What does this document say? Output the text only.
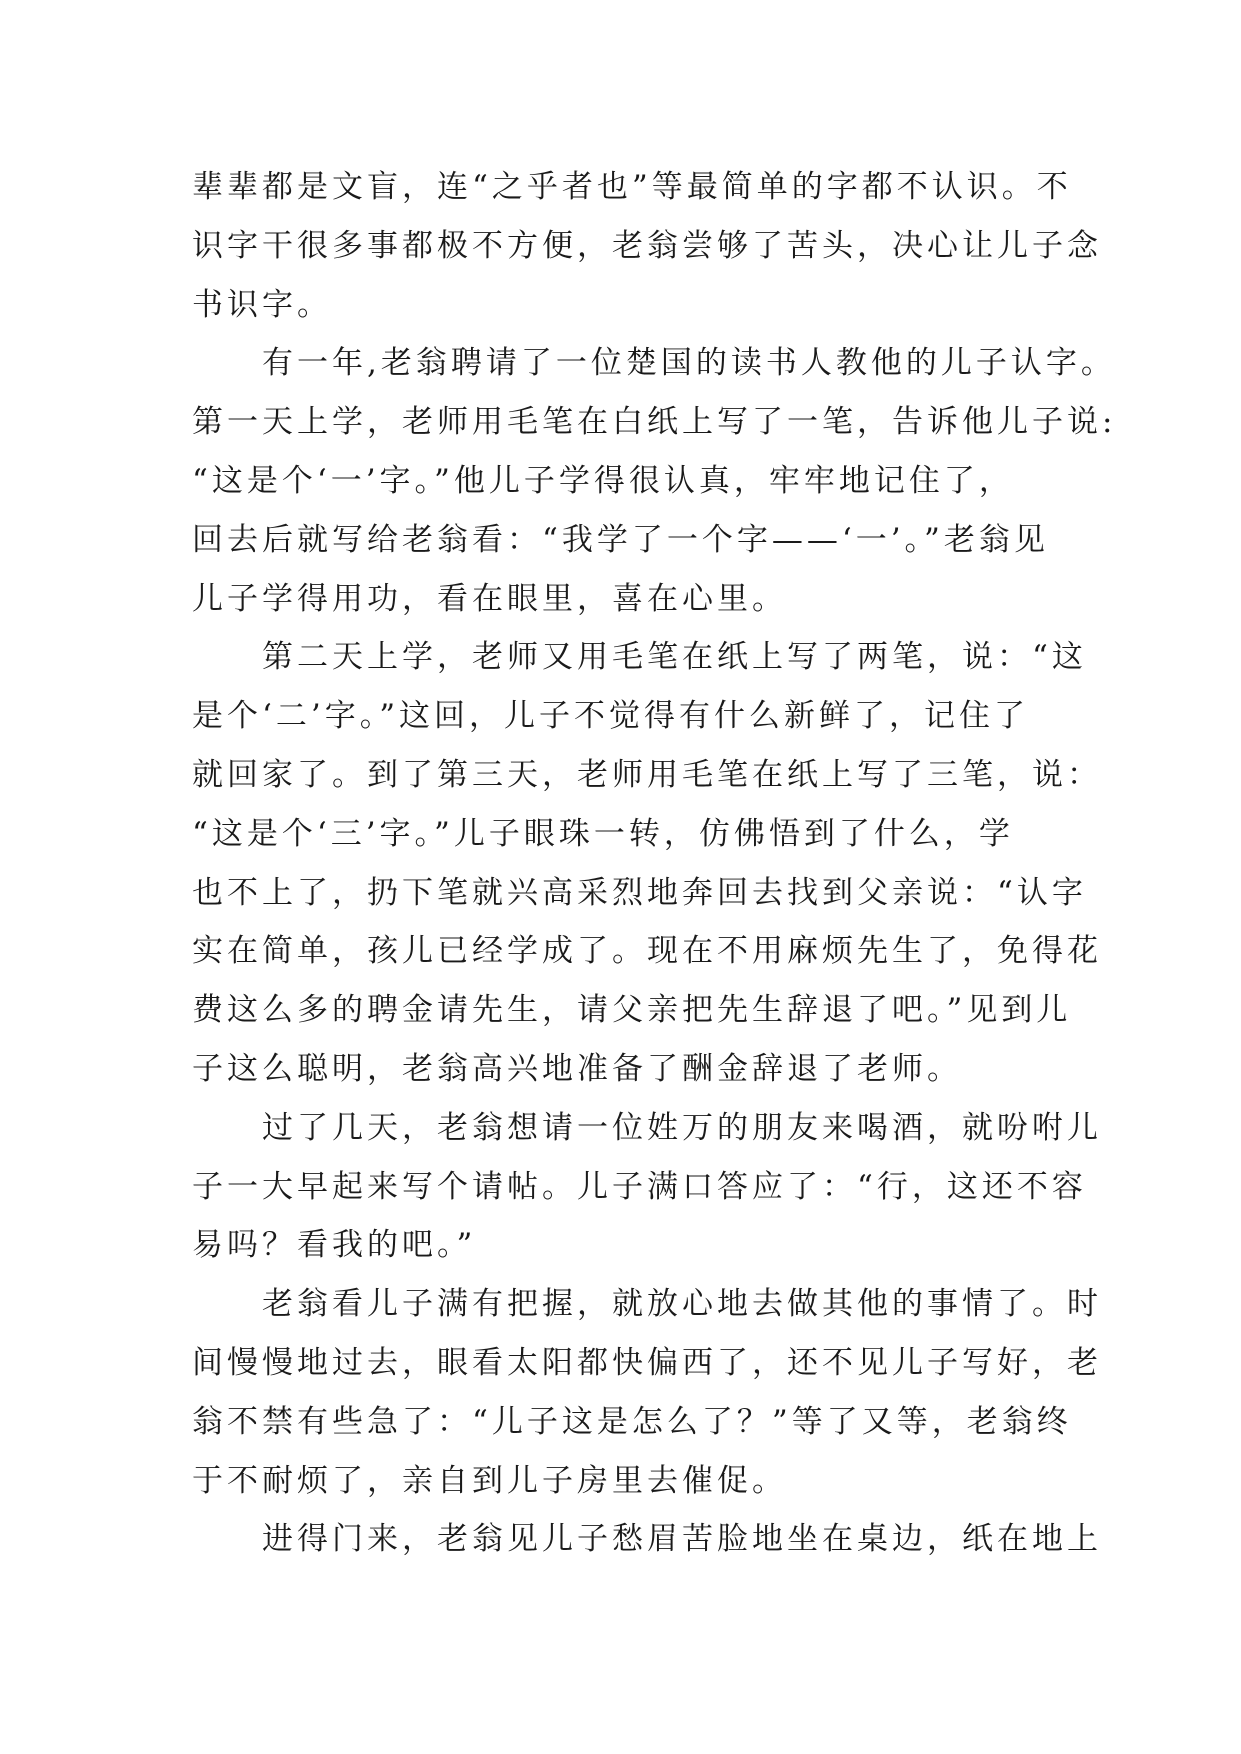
辈辈都是文盲，连“之乎者也”等最简单的字都不认识。不
识字干很多事都极不方便，老翁尝够了苦头，决心让儿子念
书识字。
有一年,老翁聘请了一位楚国的读书人教他的儿子认字。
第一天上学，老师用毛笔在白纸上写了一笔，告诉他儿子说:
“这是个‘一’字。”他儿子学得很认真，牢牢地记住了，
回去后就写给老翁看：“我学了一个字——‘一’。”老翁见
儿子学得用功，看在眼里，喜在心里。
第二天上学，老师又用毛笔在纸上写了两笔，说：“这
是个‘二’字。”这回，儿子不觉得有什么新鲜了，记住了
就回家了。到了第三天，老师用毛笔在纸上写了三笔，说：
“这是个‘三’字。”儿子眼珠一转，仿佛悟到了什么，学
也不上了，扔下笔就兴高采烈地奔回去找到父亲说：“认字
实在简单，孩儿已经学成了。现在不用麻烦先生了，免得花
费这么多的聘金请先生，请父亲把先生辞退了吧。”见到儿
子这么聪明，老翁高兴地准备了酬金辞退了老师。
过了几天，老翁想请一位姓万的朋友来喝酒，就吩咐儿
子一大早起来写个请帖。儿子满口答应了：“行，这还不容
易吗？看我的吧。”
老翁看儿子满有把握，就放心地去做其他的事情了。时
间慢慢地过去，眼看太阳都快偏西了，还不见儿子写好，老
翁不禁有些急了：“儿子这是怎么了？”等了又等，老翁终
于不耐烦了，亲自到儿子房里去催促。
进得门来，老翁见儿子愁眉苦脸地坐在桌边，纸在地上
